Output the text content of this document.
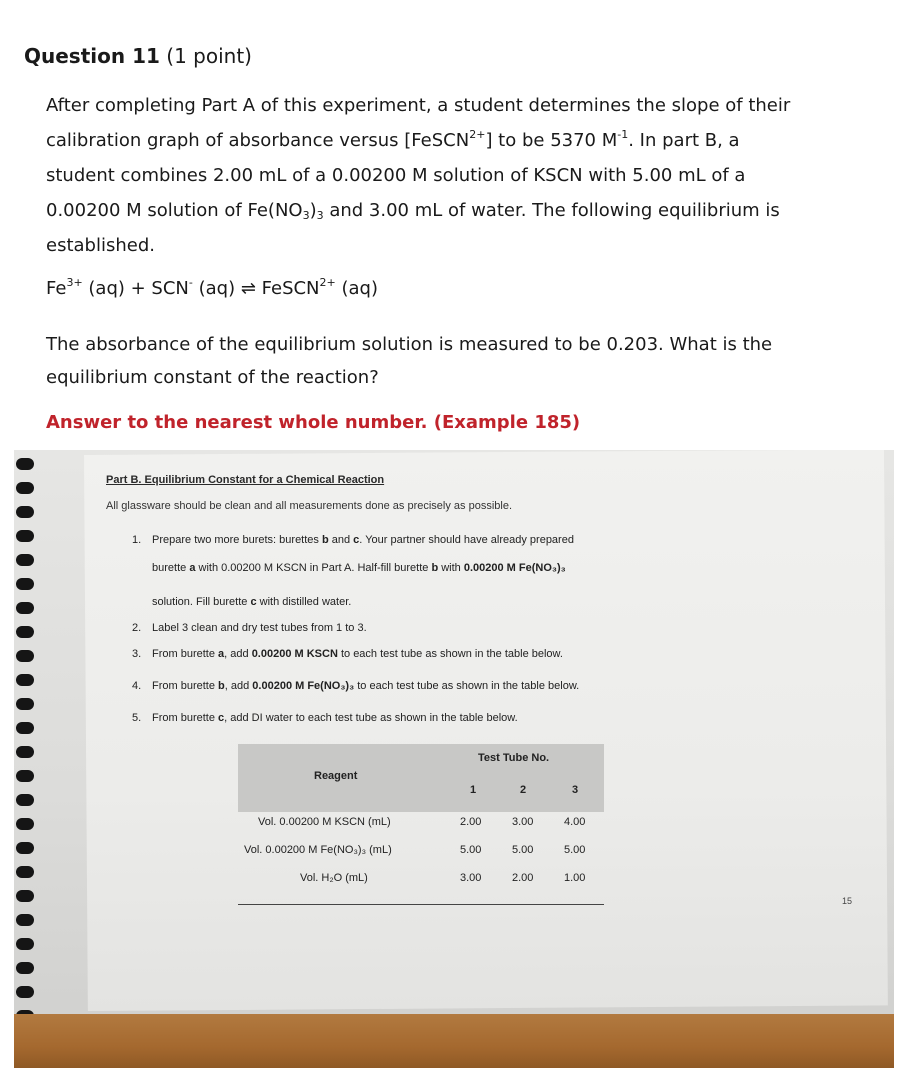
Question 11 (1 point)
After completing Part A of this experiment, a student determines the slope of their
calibration graph of absorbance versus [FeSCN$^{2+}$] to be 5370 $M^{-1}$. In part B, a
student combines 2.00 mL of a 0.00200 M solution of KSCN with 5.00 mL of a
0.00200 M solution of $Fe(NO_3)_3$ and 3.00 mL of water. The following equilibrium is
established.
$Fe^{3+}$ (aq) + SCN- (aq) ⇌ FeSCN$^{2+}$ (aq)
The absorbance of the equilibrium solution is measured to be 0.203. What is the
equilibrium constant of the reaction?
Answer to the nearest whole number. (Example 185)
Part B. Equilibrium Constant for a Chemical Reaction
All glassware should be clean and all measurements done as precisely as possible.
1. Prepare two more burets: burettes b and c. Your partner should have already prepared
burette a with 0.00200 M KSCN in Part A. Half-fill burette b with 0.00200 M Fe(NO₃)₃
solution. Fill burette c with distilled water.
2. Label 3 clean and dry test tubes from 1 to 3.
3. From burette a, add 0.00200 M KSCN to each test tube as shown in the table below.
4. From burette b, add 0.00200 M Fe(NO₃)₃ to each test tube as shown in the table below.
5. From burette c, add DI water to each test tube as shown in the table below.
Test Tube No.
Reagent
1	2	3
Vol. 0.00200 M KSCN (mL)	2.00	3.00	4.00
Vol. 0.00200 M Fe(NO₃)₃ (mL)	5.00	5.00	5.00
Vol. H₂O (mL)	3.00	2.00	1.00
15
